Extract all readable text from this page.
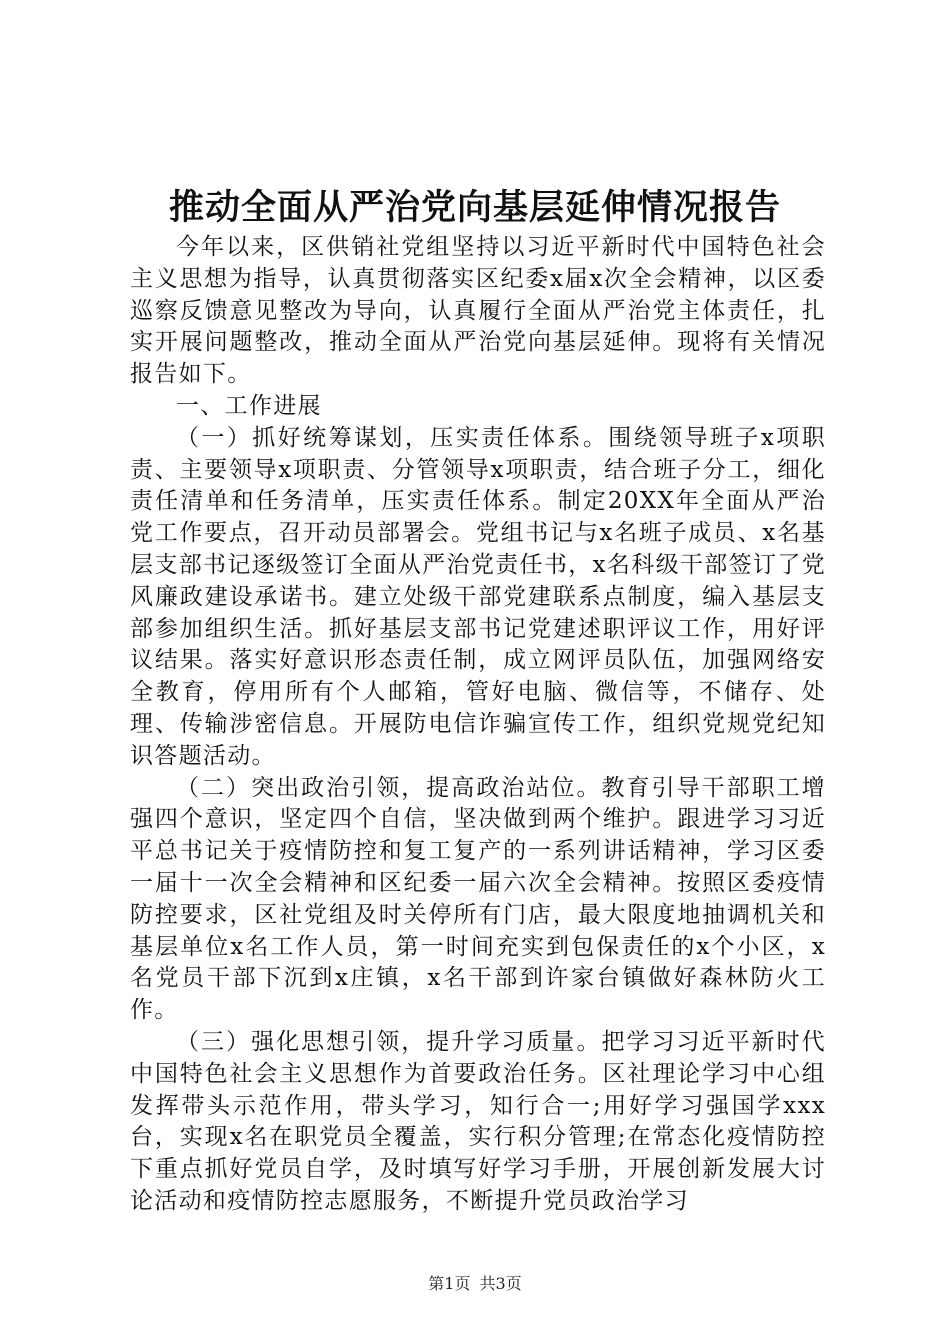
推动全面从严治党向基层延伸情况报告

今年以来，区供销社党组坚持以习近平新时代中国特色社会主义思想为指导，认真贯彻落实区纪委x届x次全会精神，以区委巡察反馈意见整改为导向，认真履行全面从严治党主体责任，扎实开展问题整改，推动全面从严治党向基层延伸。现将有关情况报告如下。

一、工作进展

（一）抓好统筹谋划，压实责任体系。围绕领导班子x项职责、主要领导x项职责、分管领导x项职责，结合班子分工，细化责任清单和任务清单，压实责任体系。制定20XX年全面从严治党工作要点，召开动员部署会。党组书记与x名班子成员、x名基层支部书记逐级签订全面从严治党责任书，x名科级干部签订了党风廉政建设承诺书。建立处级干部党建联系点制度，编入基层支部参加组织生活。抓好基层支部书记党建述职评议工作，用好评议结果。落实好意识形态责任制，成立网评员队伍，加强网络安全教育，停用所有个人邮箱，管好电脑、微信等，不储存、处理、传输涉密信息。开展防电信诈骗宣传工作，组织党规党纪知识答题活动。

（二）突出政治引领，提高政治站位。教育引导干部职工增强四个意识，坚定四个自信，坚决做到两个维护。跟进学习习近平总书记关于疫情防控和复工复产的一系列讲话精神，学习区委一届十一次全会精神和区纪委一届六次全会精神。按照区委疫情防控要求，区社党组及时关停所有门店，最大限度地抽调机关和基层单位x名工作人员，第一时间充实到包保责任的x个小区，x名党员干部下沉到x庄镇，x名干部到许家台镇做好森林防火工作。

（三）强化思想引领，提升学习质量。把学习习近平新时代中国特色社会主义思想作为首要政治任务。区社理论学习中心组发挥带头示范作用，带头学习，知行合一;用好学习强国学xxx台，实现x名在职党员全覆盖，实行积分管理;在常态化疫情防控下重点抓好党员自学，及时填写好学习手册，开展创新发展大讨论活动和疫情防控志愿服务，不断提升党员政治学习

第1页 共3页
